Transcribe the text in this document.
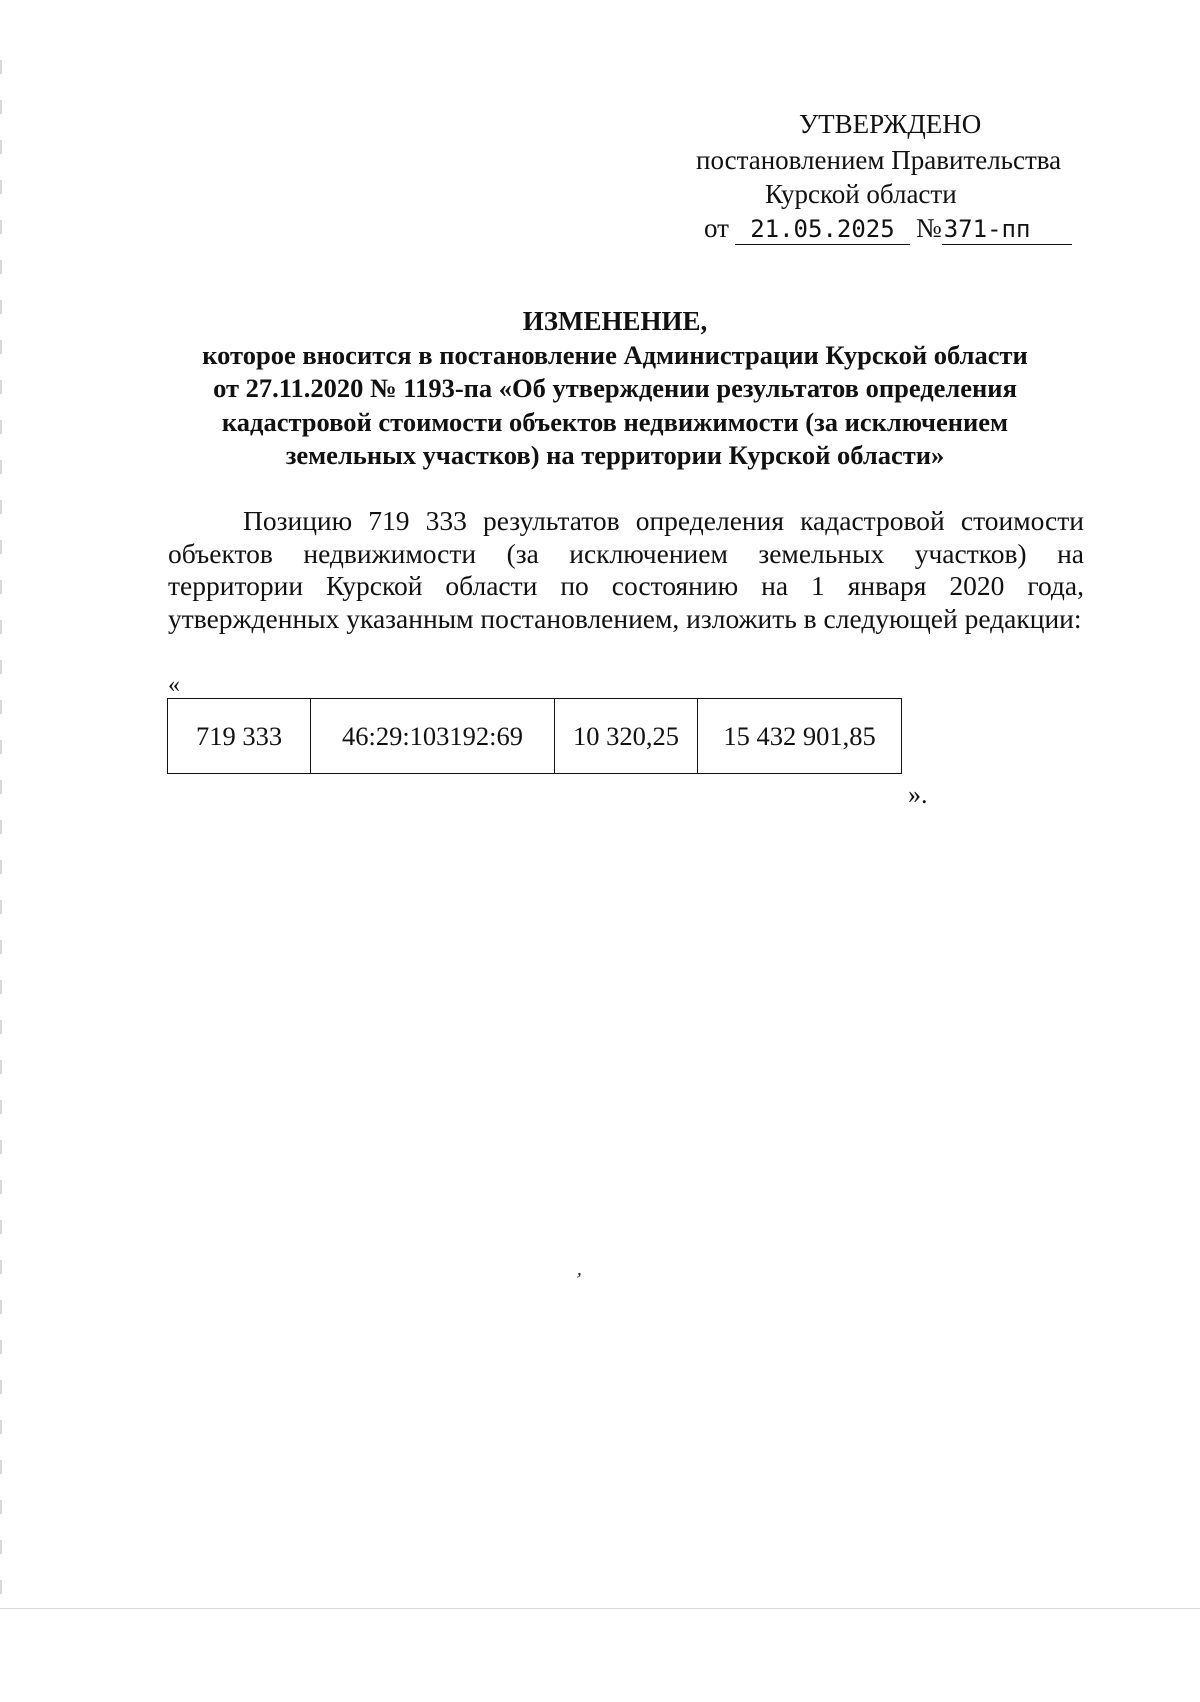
УТВЕРЖДЕНО
постановлением Правительства
Курской области
от 21.05.2025 № 371-пп
ИЗМЕНЕНИЕ,
которое вносится в постановление Администрации Курской области
от 27.11.2020 № 1193-па «Об утверждении результатов определения
кадастровой стоимости объектов недвижимости (за исключением
земельных участков) на территории Курской области»
Позицию 719 333 результатов определения кадастровой стоимости объектов недвижимости (за исключением земельных участков) на территории Курской области по состоянию на 1 января 2020 года, утвержденных указанным постановлением, изложить в следующей редакции:
«
719 333	46:29:103192:69	10 320,25	15 432 901,85
».
,
